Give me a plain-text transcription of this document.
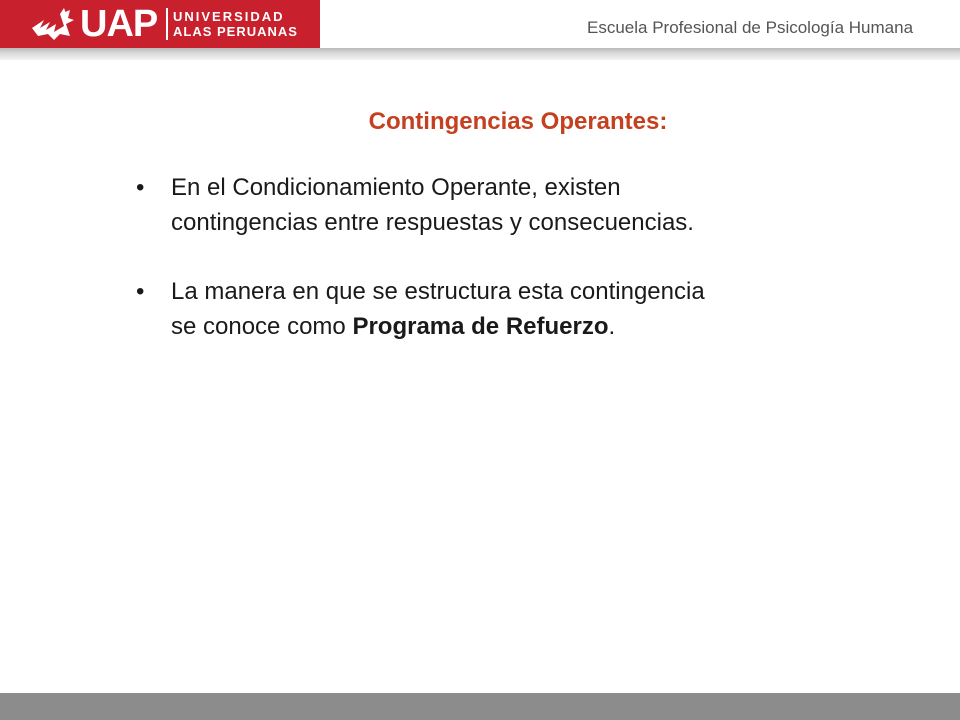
UAP UNIVERSIDAD
ALAS PERUANAS	Escuela Profesional de Psicología Humana
Contingencias Operantes:
• En el Condicionamiento Operante, existen
contingencias entre respuestas y consecuencias.
• La manera en que se estructura esta contingencia
se conoce como Programa de Refuerzo.
